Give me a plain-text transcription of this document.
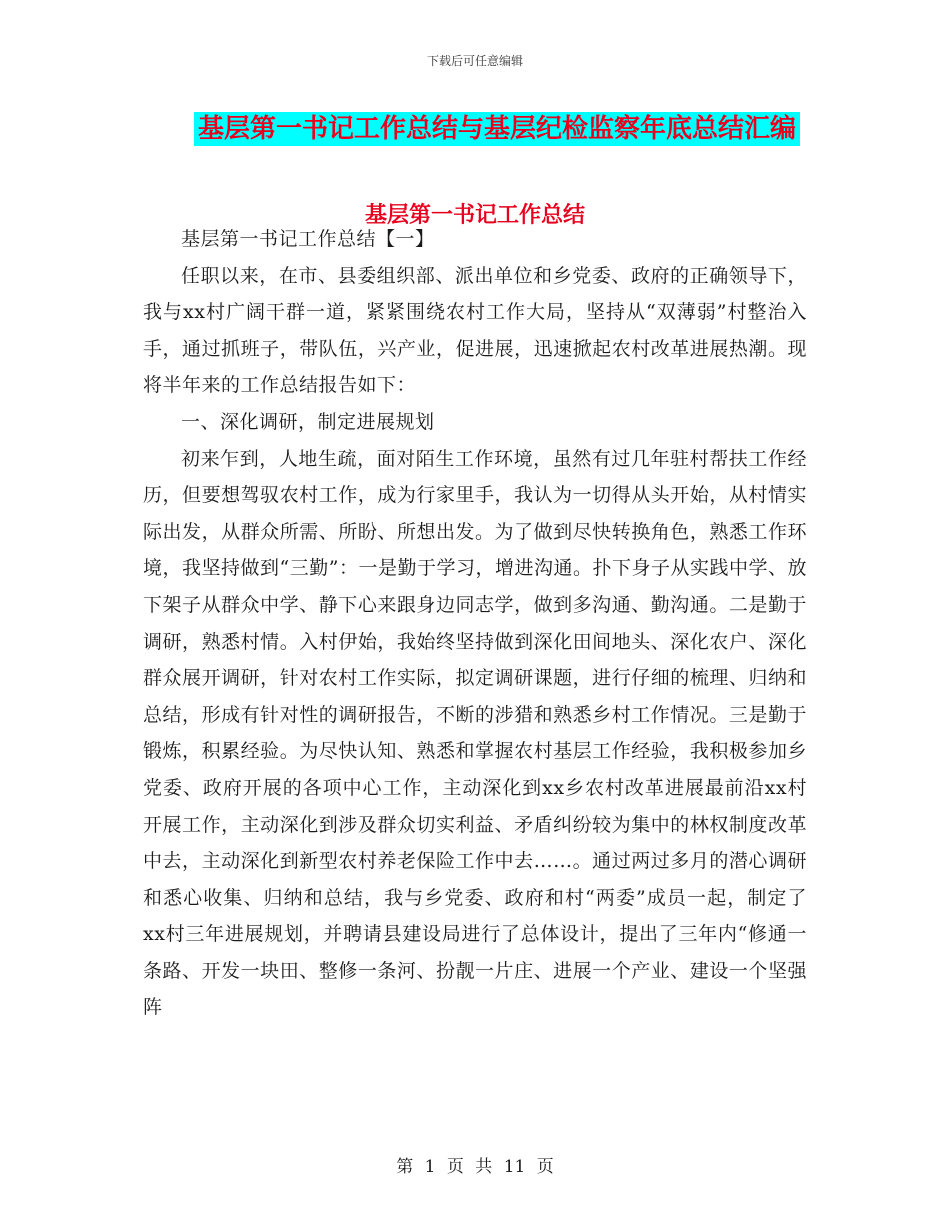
下载后可任意编辑
基层第一书记工作总结与基层纪检监察年底总结汇编
基层第一书记工作总结

基层第一书记工作总结【一】

任职以来，在市、县委组织部、派出单位和乡党委、政府的正确领导下，我与xx村广阔干群一道，紧紧围绕农村工作大局，坚持从“双薄弱”村整治入手，通过抓班子，带队伍，兴产业，促进展，迅速掀起农村改革进展热潮。现将半年来的工作总结报告如下：

一、深化调研，制定进展规划

初来乍到，人地生疏，面对陌生工作环境，虽然有过几年驻村帮扶工作经历，但要想驾驭农村工作，成为行家里手，我认为一切得从头开始，从村情实际出发，从群众所需、所盼、所想出发。为了做到尽快转换角色，熟悉工作环境，我坚持做到“三勤”：一是勤于学习，增进沟通。扑下身子从实践中学、放下架子从群众中学、静下心来跟身边同志学，做到多沟通、勤沟通。二是勤于调研，熟悉村情。入村伊始，我始终坚持做到深化田间地头、深化农户、深化群众展开调研，针对农村工作实际，拟定调研课题，进行仔细的梳理、归纳和总结，形成有针对性的调研报告，不断的涉猎和熟悉乡村工作情况。三是勤于锻炼，积累经验。为尽快认知、熟悉和掌握农村基层工作经验，我积极参加乡党委、政府开展的各项中心工作，主动深化到xx乡农村改革进展最前沿xx村开展工作，主动深化到涉及群众切实利益、矛盾纠纷较为集中的林权制度改革中去，主动深化到新型农村养老保险工作中去……。通过两过多月的潜心调研和悉心收集、归纳和总结，我与乡党委、政府和村“两委”成员一起，制定了xx村三年进展规划，并聘请县建设局进行了总体设计，提出了三年内“修通一条路、开发一块田、整修一条河、扮靓一片庄、进展一个产业、建设一个坚强阵

第 1 页 共 11 页
